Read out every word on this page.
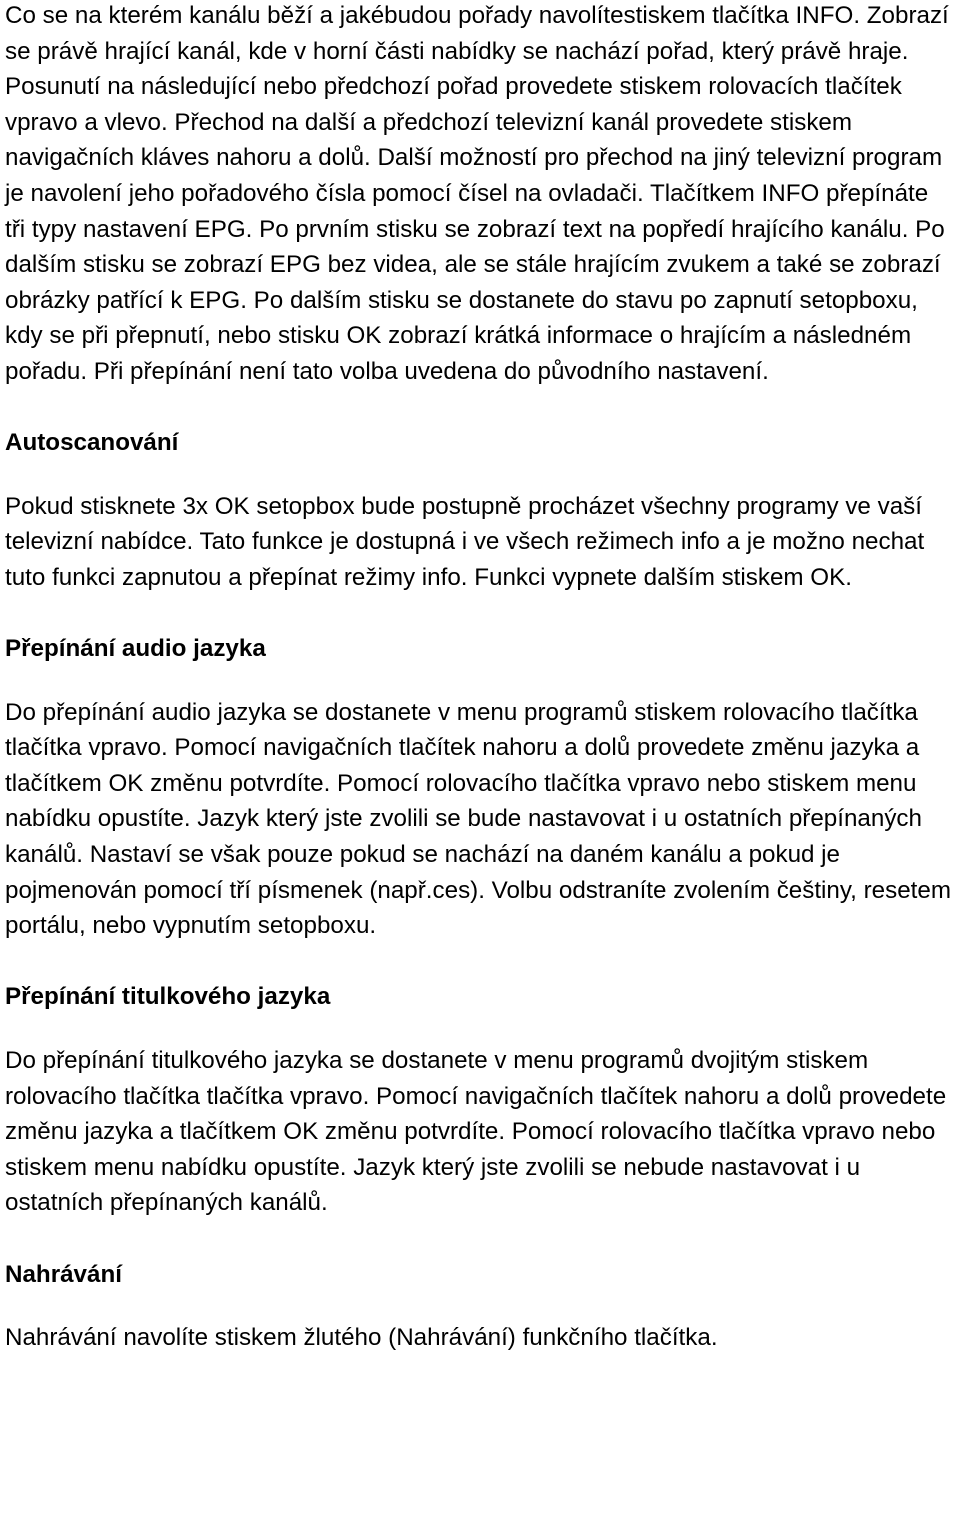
Co se na kterém kanálu běží a jakébudou pořady navolítestiskem tlačítka INFO. Zobrazí se právě hrající kanál, kde v horní části nabídky se nachází pořad, který právě hraje. Posunutí na následující nebo předchozí pořad provedete stiskem rolovacích tlačítek vpravo a vlevo. Přechod na další a předchozí televizní kanál provedete stiskem navigačních kláves nahoru a dolů. Další možností pro přechod na jiný televizní program je navolení jeho pořadového čísla pomocí čísel na ovladači. Tlačítkem INFO přepínáte tři typy nastavení EPG. Po prvním stisku se zobrazí text na popředí hrajícího kanálu. Po dalším stisku se zobrazí EPG bez videa, ale se stále hrajícím zvukem a také se zobrazí obrázky patřící k EPG. Po dalším stisku se dostanete do stavu po zapnutí setopboxu, kdy se při přepnutí, nebo stisku OK zobrazí krátká informace o hrajícím a následném pořadu. Při přepínání není tato volba uvedena do původního nastavení.

Autoscanování

Pokud stisknete 3x OK setopbox bude postupně procházet všechny programy ve vaší televizní nabídce. Tato funkce je dostupná i ve všech režimech info a je možno nechat tuto funkci zapnutou a přepínat režimy info. Funkci vypnete dalším stiskem OK.

Přepínání audio jazyka

Do přepínání audio jazyka se dostanete v menu programů stiskem rolovacího tlačítka tlačítka vpravo. Pomocí navigačních tlačítek nahoru a dolů provedete změnu jazyka a tlačítkem OK změnu potvrdíte. Pomocí rolovacího tlačítka vpravo nebo stiskem menu nabídku opustíte. Jazyk který jste zvolili se bude nastavovat i u ostatních přepínaných kanálů. Nastaví se však pouze pokud se nachází na daném kanálu a pokud je pojmenován pomocí tří písmenek (např.ces). Volbu odstraníte zvolením češtiny, resetem portálu, nebo vypnutím setopboxu.

Přepínání titulkového jazyka

Do přepínání titulkového jazyka se dostanete v menu programů dvojitým stiskem rolovacího tlačítka tlačítka vpravo. Pomocí navigačních tlačítek nahoru a dolů provedete změnu jazyka a tlačítkem OK změnu potvrdíte. Pomocí rolovacího tlačítka vpravo nebo stiskem menu nabídku opustíte. Jazyk který jste zvolili se nebude nastavovat i u ostatních přepínaných kanálů.

Nahrávání

Nahrávání navolíte stiskem žlutého (Nahrávání) funkčního tlačítka.
